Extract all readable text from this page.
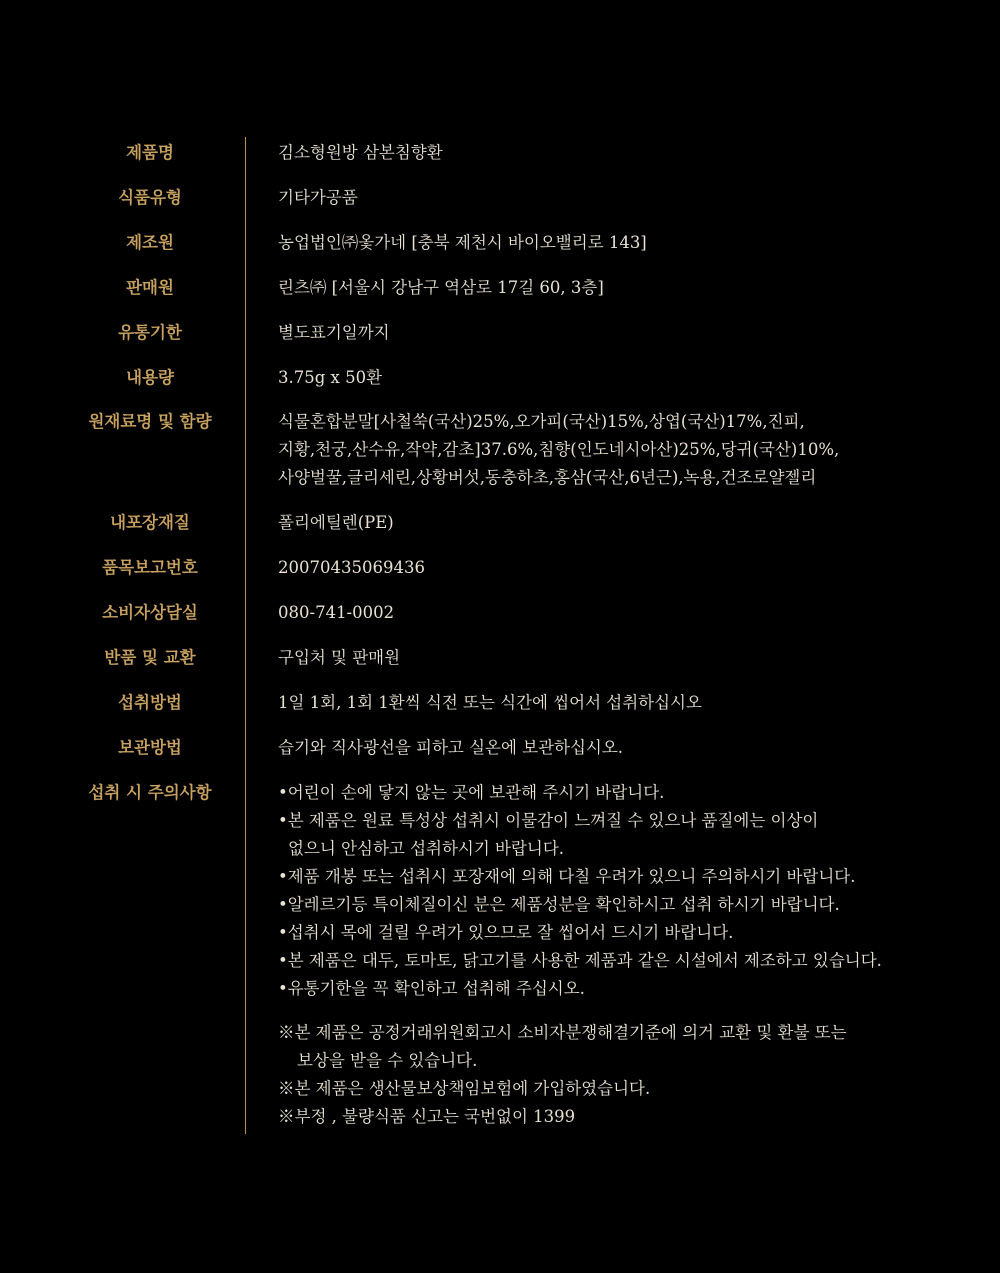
제품명	김소형원방 삼본침향환
식품유형	기타가공품
제조원	농업법인㈜옻가네 [충북 제천시 바이오밸리로 143]
판매원	린츠㈜ [서울시 강남구 역삼로 17길 60, 3층]
유통기한	별도표기일까지
내용량	3.75g x 50환
원재료명 및 함량	식물혼합분말[사철쑥(국산)25%,오가피(국산)15%,상엽(국산)17%,진피,
지황,천궁,산수유,작약,감초]37.6%,침향(인도네시아산)25%,당귀(국산)10%,
사양벌꿀,글리세린,상황버섯,동충하초,홍삼(국산,6년근),녹용,건조로얄젤리
내포장재질	폴리에틸렌(PE)
품목보고번호	20070435069436
소비자상담실	080-741-0002
반품 및 교환	구입처 및 판매원
섭취방법	1일 1회, 1회 1환씩 식전 또는 식간에 씹어서 섭취하십시오
보관방법	습기와 직사광선을 피하고 실온에 보관하십시오.
섭취 시 주의사항	•어린이 손에 닿지 않는 곳에 보관해 주시기 바랍니다.
•본 제품은 원료 특성상 섭취시 이물감이 느껴질 수 있으나 품질에는 이상이
없으니 안심하고 섭취하시기 바랍니다.
•제품 개봉 또는 섭취시 포장재에 의해 다칠 우려가 있으니 주의하시기 바랍니다.
•알레르기등 특이체질이신 분은 제품성분을 확인하시고 섭취 하시기 바랍니다.
•섭취시 목에 걸릴 우려가 있으므로 잘 씹어서 드시기 바랍니다.
•본 제품은 대두, 토마토, 닭고기를 사용한 제품과 같은 시설에서 제조하고 있습니다.
•유통기한을 꼭 확인하고 섭취해 주십시오.
※본 제품은 공정거래위원회고시 소비자분쟁해결기준에 의거 교환 및 환불 또는
보상을 받을 수 있습니다.
※본 제품은 생산물보상책임보험에 가입하였습니다.
※부정 , 불량식품 신고는 국번없이 1399
